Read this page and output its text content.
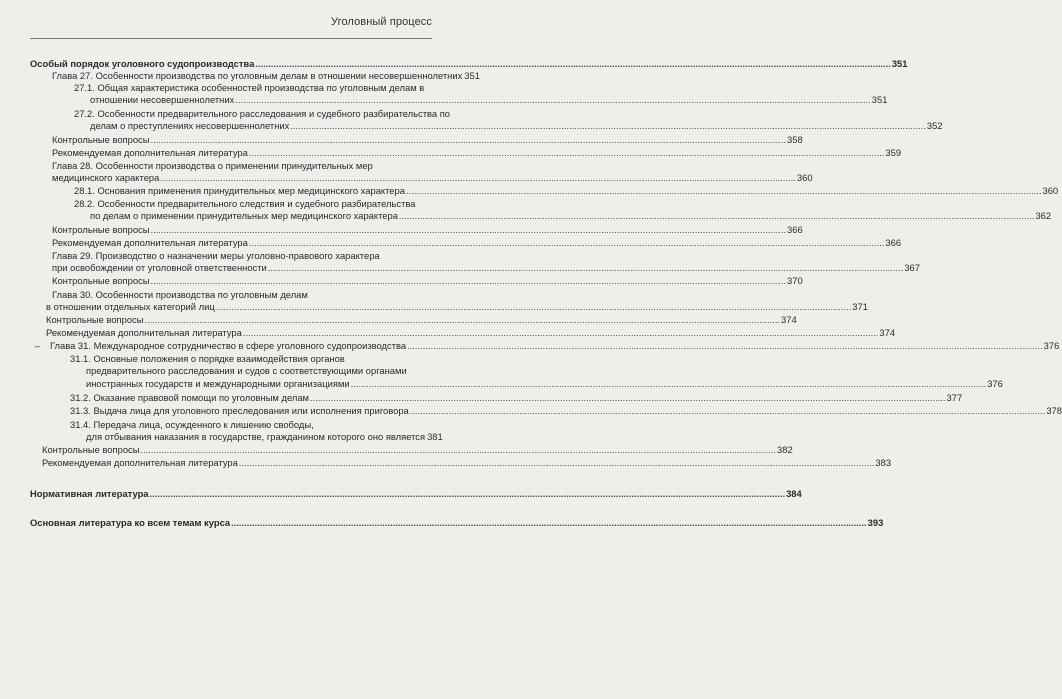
Уголовный процесс
Особый порядок уголовного судопроизводства .....	351
Глава 27. Особенности производства по уголовным делам в отношении несовершеннолетних 351
27.1. Общая характеристика особенностей производства по уголовным делам в
отношении несовершеннолетних .....	351
27.2. Особенности предварительного расследования и судебного разбирательства по
делам о преступлениях несовершеннолетних .....	352
Контрольные вопросы .....	358
Рекомендуемая дополнительная литература .....	359
Глава 28. Особенности производства о применении принудительных мер
медицинского характера .....	360
28.1. Основания применения принудительных мер медицинского характера .....	360
28.2. Особенности предварительного следствия и судебного разбирательства
по делам о применении принудительных мер медицинского характера .....	362
Контрольные вопросы .....	366
Рекомендуемая дополнительная литература .....	366
Глава 29. Производство о назначении меры уголовно-правового характера
при освобождении от уголовной ответственности .....	367
Контрольные вопросы .....	370
Глава 30. Особенности производства по уголовным делам
в отношении отдельных категорий лиц .....	371
Контрольные вопросы .....	374
Рекомендуемая дополнительная литература .....	374
– Глава 31. Международное сотрудничество в сфере уголовного судопроизводства .....	376
31.1. Основные положения о порядке взаимодействия органов
предварительного расследования и судов с соответствующими органами
иностранных государств и международными организациями .....	376
31.2. Оказание правовой помощи по уголовным делам .....	377
31.3. Выдача лица для уголовного преследования или исполнения приговора .....	378
31.4. Передача лица, осужденного к лишению свободы,
для отбывания наказания в государстве, гражданином которого оно является 381
Контрольные вопросы .....	382
Рекомендуемая дополнительная литература .....	383
Нормативная литература .....	384
Основная литература ко всем темам курса .....	393
